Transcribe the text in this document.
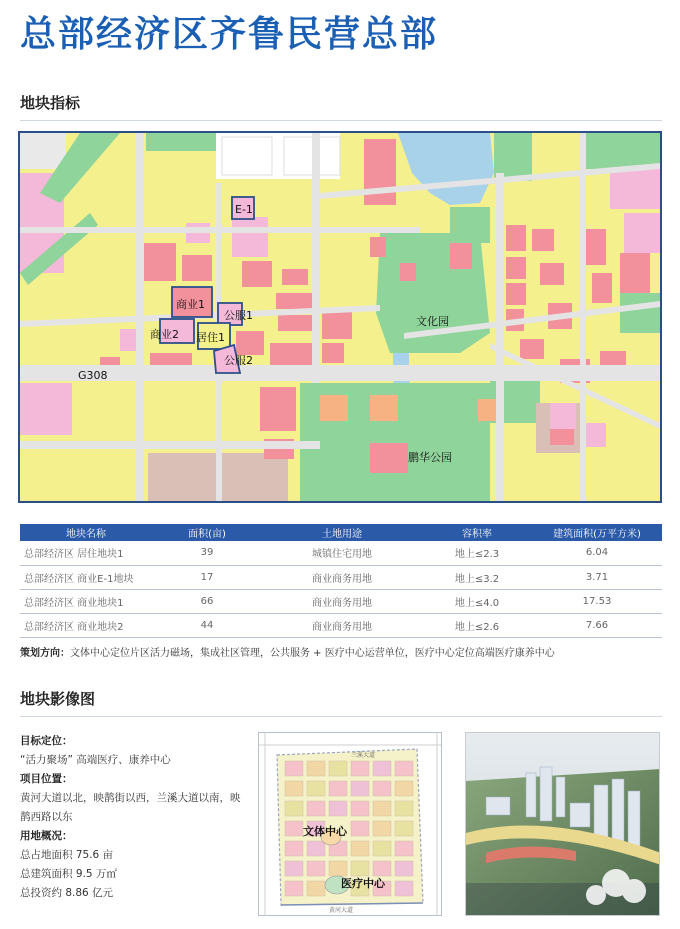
总部经济区齐鲁民营总部
地块指标
E-1
商业1
公服1
商业2 居住1
公服2
G308
文化园
鹏华公园
地块名称	面积(亩)	土地用途	容积率	建筑面积(万平方米)
总部经济区 居住地块1	39	城镇住宅用地	地上≤2.3	6.04
总部经济区 商业E-1地块	17	商业商务用地	地上≤3.2	3.71
总部经济区 商业地块1	66	商业商务用地	地上≤4.0	17.53
总部经济区 商业地块2	44	商业商务用地	地上≤2.6	7.66
策划方向：文体中心定位片区活力磁场，集成社区管理，公共服务 + 医疗中心运营单位，医疗中心定位高端医疗康养中心
地块影像图
目标定位：
“活力聚场” 高端医疗、康养中心
项目位置：
黄河大道以北，映鹊街以西，兰溪大道以南，映鹊西路以东
用地概况：
总占地面积 75.6 亩
总建筑面积 9.5 万㎡
总投资约 8.86 亿元
兰溪大道
黄河大道
文体中心
医疗中心
